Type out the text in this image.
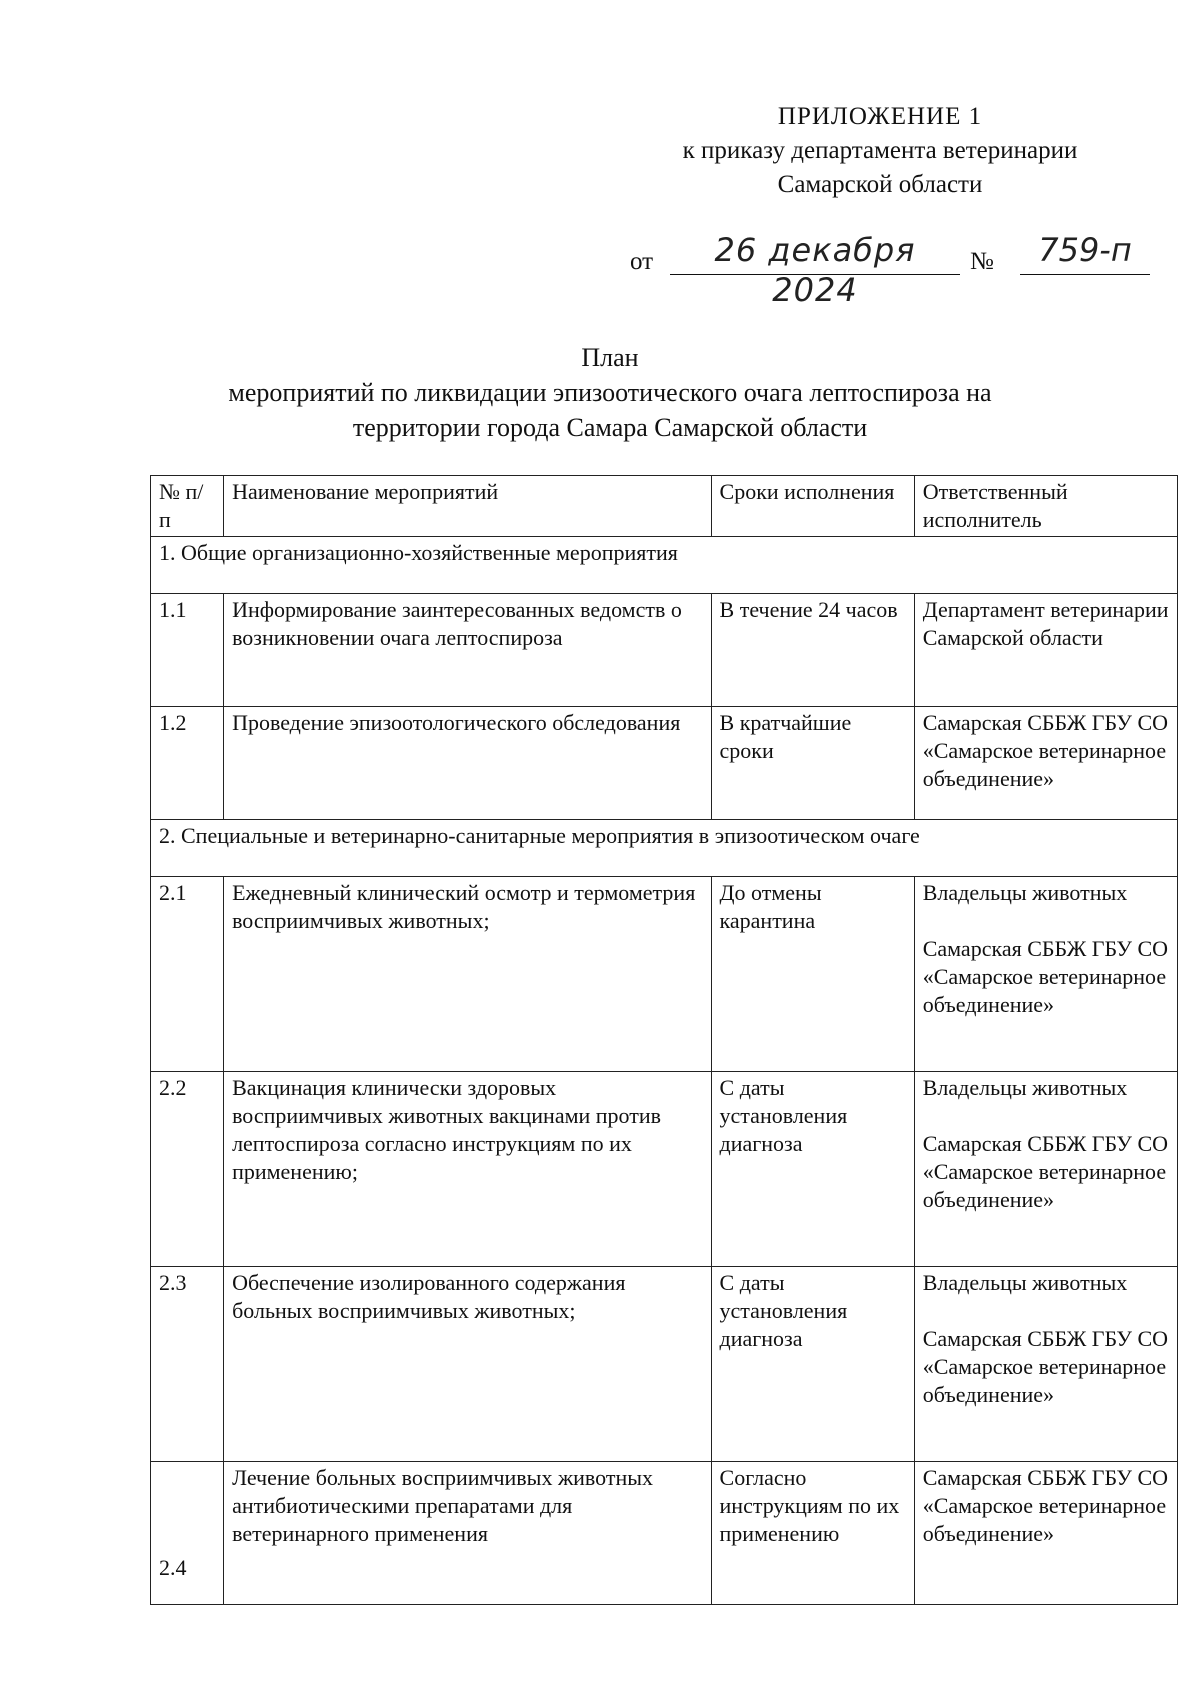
ПРИЛОЖЕНИЕ 1
к приказу департамента ветеринарии
Самарской области
от	26 декабря 2024
№	759-п
План
мероприятий по ликвидации эпизоотического очага лептоспироза на
территории города Самара Самарской области
№ п/п	Наименование мероприятий	Сроки исполнения	Ответственный исполнитель
1. Общие организационно-хозяйственные мероприятия			
1.1	Информирование заинтересованных ведомств о возникновении очага лептоспироза	В течение 24 часов	Департамент ветеринарии Самарской области
1.2	Проведение эпизоотологического обследования	В кратчайшие сроки	Самарская СББЖ ГБУ СО «Самарское ветеринарное объединение»
2. Специальные и ветеринарно-санитарные мероприятия в эпизоотическом очаге			
2.1	Ежедневный клинический осмотр и термометрия восприимчивых животных;	До отмены карантина	Владельцы животных
Самарская СББЖ ГБУ СО «Самарское ветеринарное объединение»

2.2	Вакцинация клинически здоровых восприимчивых животных вакцинами против лептоспироза согласно инструкциям по их применению;	С даты установления диагноза	Владельцы животных
Самарская СББЖ ГБУ СО «Самарское ветеринарное объединение»

2.3	Обеспечение изолированного содержания больных восприимчивых животных;	С даты установления диагноза	Владельцы животных
Самарская СББЖ ГБУ СО «Самарское ветеринарное объединение»

2.4	Лечение больных восприимчивых животных антибиотическими препаратами для ветеринарного применения	Согласно инструкциям по их применению	Самарская СББЖ ГБУ СО «Самарское ветеринарное объединение»
